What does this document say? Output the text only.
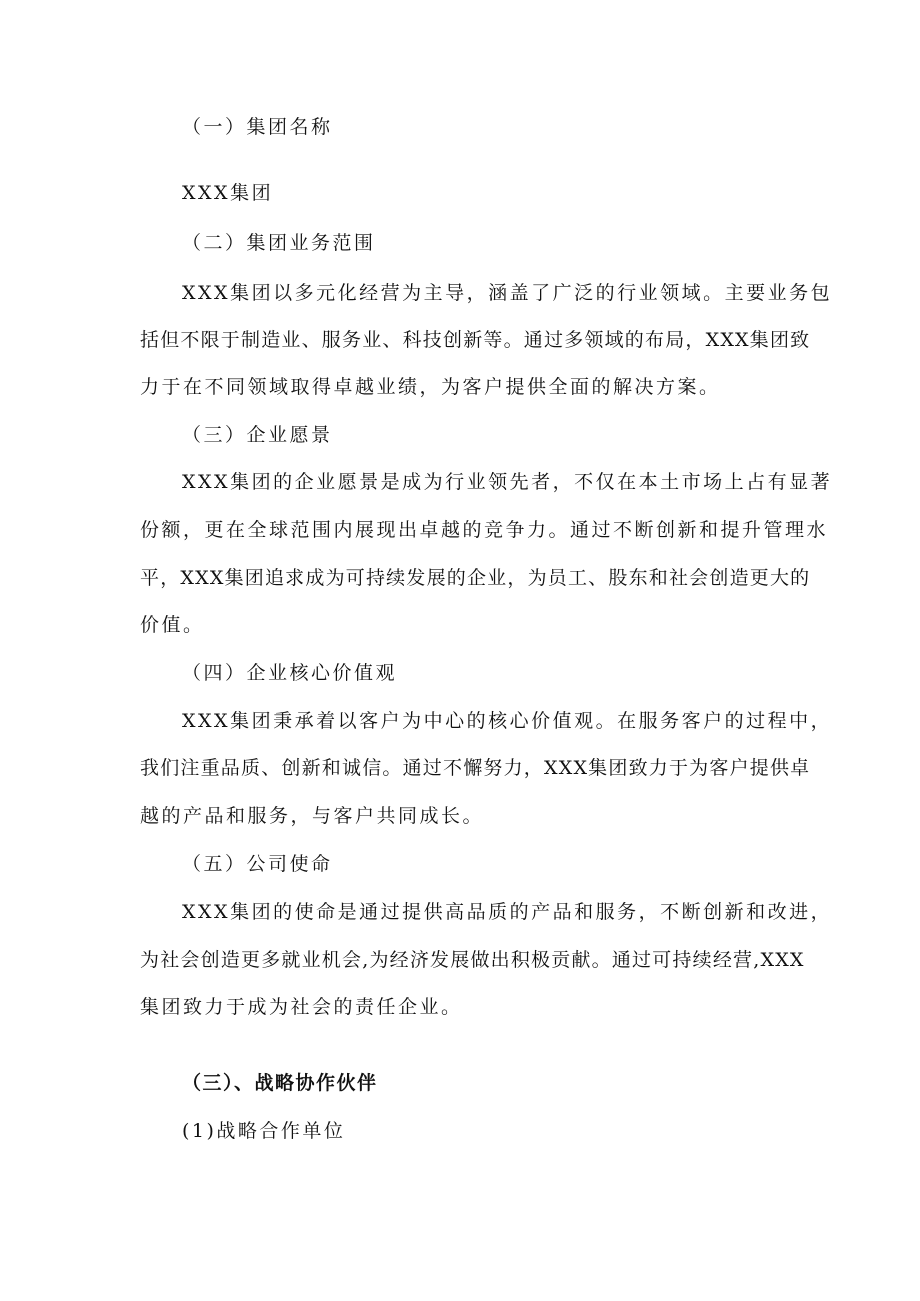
（一）集团名称
XXX集团
（二）集团业务范围
XXX集团以多元化经营为主导，涵盖了广泛的行业领域。主要业务包
括但不限于制造业、服务业、科技创新等。通过多领域的布局，XXX集团致
力于在不同领域取得卓越业绩，为客户提供全面的解决方案。
（三）企业愿景
XXX集团的企业愿景是成为行业领先者，不仅在本土市场上占有显著
份额，更在全球范围内展现出卓越的竞争力。通过不断创新和提升管理水
平，XXX集团追求成为可持续发展的企业，为员工、股东和社会创造更大的
价值。
（四）企业核心价值观
XXX集团秉承着以客户为中心的核心价值观。在服务客户的过程中，
我们注重品质、创新和诚信。通过不懈努力，XXX集团致力于为客户提供卓
越的产品和服务，与客户共同成长。
（五）公司使命
XXX集团的使命是通过提供高品质的产品和服务，不断创新和改进，
为社会创造更多就业机会,为经济发展做出积极贡献。通过可持续经营,XXX
集团致力于成为社会的责任企业。
（三）、战略协作伙伴
(1)战略合作单位
